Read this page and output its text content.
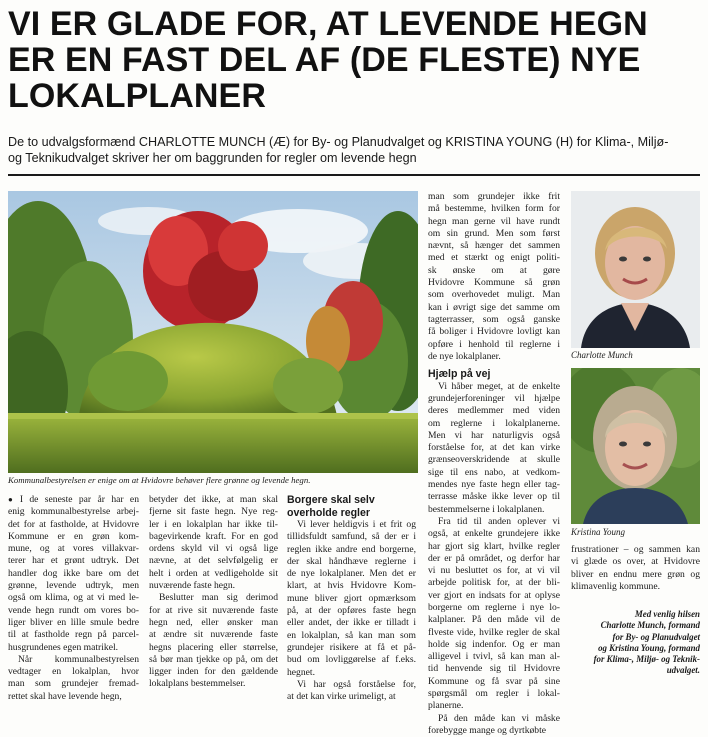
VI ER GLADE FOR, AT LEVENDE HEGN
ER EN FAST DEL AF (DE FLESTE) NYE
LOKALPLANER

De to udvalgsformænd CHARLOTTE MUNCH (Æ) for By- og Planudvalget og KRISTINA YOUNG (H) for Klima-, Miljø-
og Teknikudvalget skriver her om baggrunden for regler om levende hegn

Kommunalbestyrelsen er enige om at Hvidovre behøver flere grønne og levende hegn.
● I de seneste par år har en
enig kommunalbestyrelse arbej-
det for at fastholde, at Hvidovre
Kommune er en grøn kom-
mune, og at vores villakvar-
terer har et grønt udtryk. Det
handler dog ikke bare om det
grønne, levende udtryk, men
også om klima, og at vi med le-
vende hegn rundt om vores bo-
liger bliver en lille smule bedre
til at fastholde regn på parcel-
husgrundenes egen matrikel.
Når kommunalbestyrelsen
vedtager en lokalplan, hvor
man som grundejer fremad-
rettet skal have levende hegn,
betyder det ikke, at man skal
fjerne sit faste hegn. Nye reg-
ler i en lokalplan har ikke til-
bagevirkende kraft. For en god
ordens skyld vil vi også lige
nævne, at det selvfølgelig er
helt i orden at vedligeholde sit
nuværende faste hegn.
Beslutter man sig derimod
for at rive sit nuværende faste
hegn ned, eller ønsker man
at ændre sit nuværende faste
hegns placering eller størrelse,
så bør man tjekke op på, om det
ligger inden for den gældende
lokalplans bestemmelser.

Borgere skal selv
overholde regler

Vi lever heldigvis i et frit og
tillidsfuldt samfund, så der er i
reglen ikke andre end borgerne,
der skal håndhæve reglerne i
de nye lokalplaner. Men det er
klart, at hvis Hvidovre Kom-
mune bliver gjort opmærksom
på, at der opføres faste hegn
eller andet, der ikke er tilladt i
en lokalplan, så kan man som
grundejer risikere at få et på-
bud om lovliggørelse af f.eks.
hegnet.
Vi har også forståelse for,
at det kan virke urimeligt, at
man som grundejer ikke frit
må bestemme, hvilken form for
hegn man gerne vil have rundt
om sin grund. Men som først
nævnt, så hænger det sammen
med et stærkt og enigt politi-
sk ønske om at gøre
Hvidovre Kommune så grøn
som overhovedet muligt. Man
kan i øvrigt sige det samme om
tagterrasser, som også ganske
få boliger i Hvidovre lovligt kan
opføre i henhold til reglerne i
de nye lokalplaner.

Hjælp på vej

Vi håber meget, at de enkelte
grundejerforeninger vil hjælpe
deres medlemmer med viden
om reglerne i lokalplanerne.
Men vi har naturligvis også
forståelse for, at det kan virke
grænseoverskridende at skulle
sige til ens nabo, at vedkom-
mendes nye faste hegn eller tag-
terrasse måske ikke lever op til
bestemmelserne i lokalplanen.
Fra tid til anden oplever vi
også, at enkelte grundejere ikke
har gjort sig klart, hvilke regler
der er på området, og derfor har
vi nu besluttet os for, at vi vil
arbejde politisk for, at der bli-
ver gjort en indsats for at oplyse
borgerne om reglerne i nye lo-
kalplaner. På den måde vil de
flveste vide, hvilke regler de skal
holde sig indenfor. Og er man
alligevel i tvivl, så kan man al-
tid henvende sig til Hvidovre
Kommune og få svar på sine
spørgsmål om regler i lokal-
planerne.
På den måde kan vi måske
forebygge mange og dyrtkøbte
Charlotte Munch
Kristina Young
frustrationer – og sammen kan
vi glæde os over, at Hvidovre
bliver en endnu mere grøn og
klimavenlig kommune.
Med venlig hilsen
Charlotte Munch, formand
for By- og Planudvalget
og Kristina Young, formand
for Klima-, Miljø- og Teknik-
udvalget.
